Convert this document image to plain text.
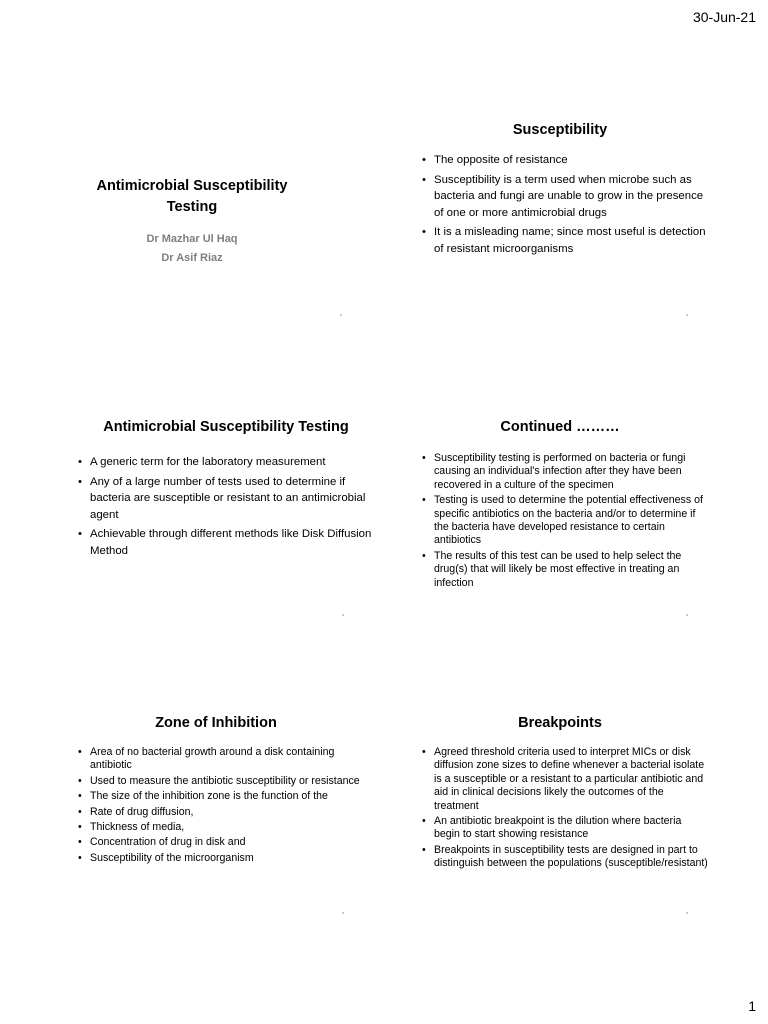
30-Jun-21
Antimicrobial Susceptibility
Testing
Dr Mazhar Ul Haq
Dr Asif Riaz
Susceptibility
• The opposite of resistance
• Susceptibility is a term used when microbe such as bacteria and fungi are unable to grow in the presence of one or more antimicrobial drugs
• It is a misleading name; since most useful is detection of resistant microorganisms
Antimicrobial Susceptibility Testing
• A generic term for the laboratory measurement
• Any of a large number of tests used to determine if bacteria are susceptible or resistant to an antimicrobial agent
• Achievable through different methods like Disk Diffusion Method
Continued ………
• Susceptibility testing is performed on bacteria or fungi causing an individual's infection after they have been recovered in a culture of the specimen
• Testing is used to determine the potential effectiveness of specific antibiotics on the bacteria and/or to determine if the bacteria have developed resistance to certain antibiotics
• The results of this test can be used to help select the drug(s) that will likely be most effective in treating an infection
Zone of Inhibition
• Area of no bacterial growth around a disk containing antibiotic
• Used to measure the antibiotic susceptibility or resistance
• The size of the inhibition zone is the function of the
• Rate of drug diffusion,
• Thickness of media,
• Concentration of drug in disk and
• Susceptibility of the microorganism
Breakpoints
• Agreed threshold criteria used to interpret MICs or disk diffusion zone sizes to define whenever a bacterial isolate is a susceptible or a resistant to a particular antibiotic and aid in clinical decisions likely the outcomes of the treatment
• An antibiotic breakpoint is the dilution where bacteria begin to start showing resistance
• Breakpoints in susceptibility tests are designed in part to distinguish between the populations (susceptible/resistant)
1
